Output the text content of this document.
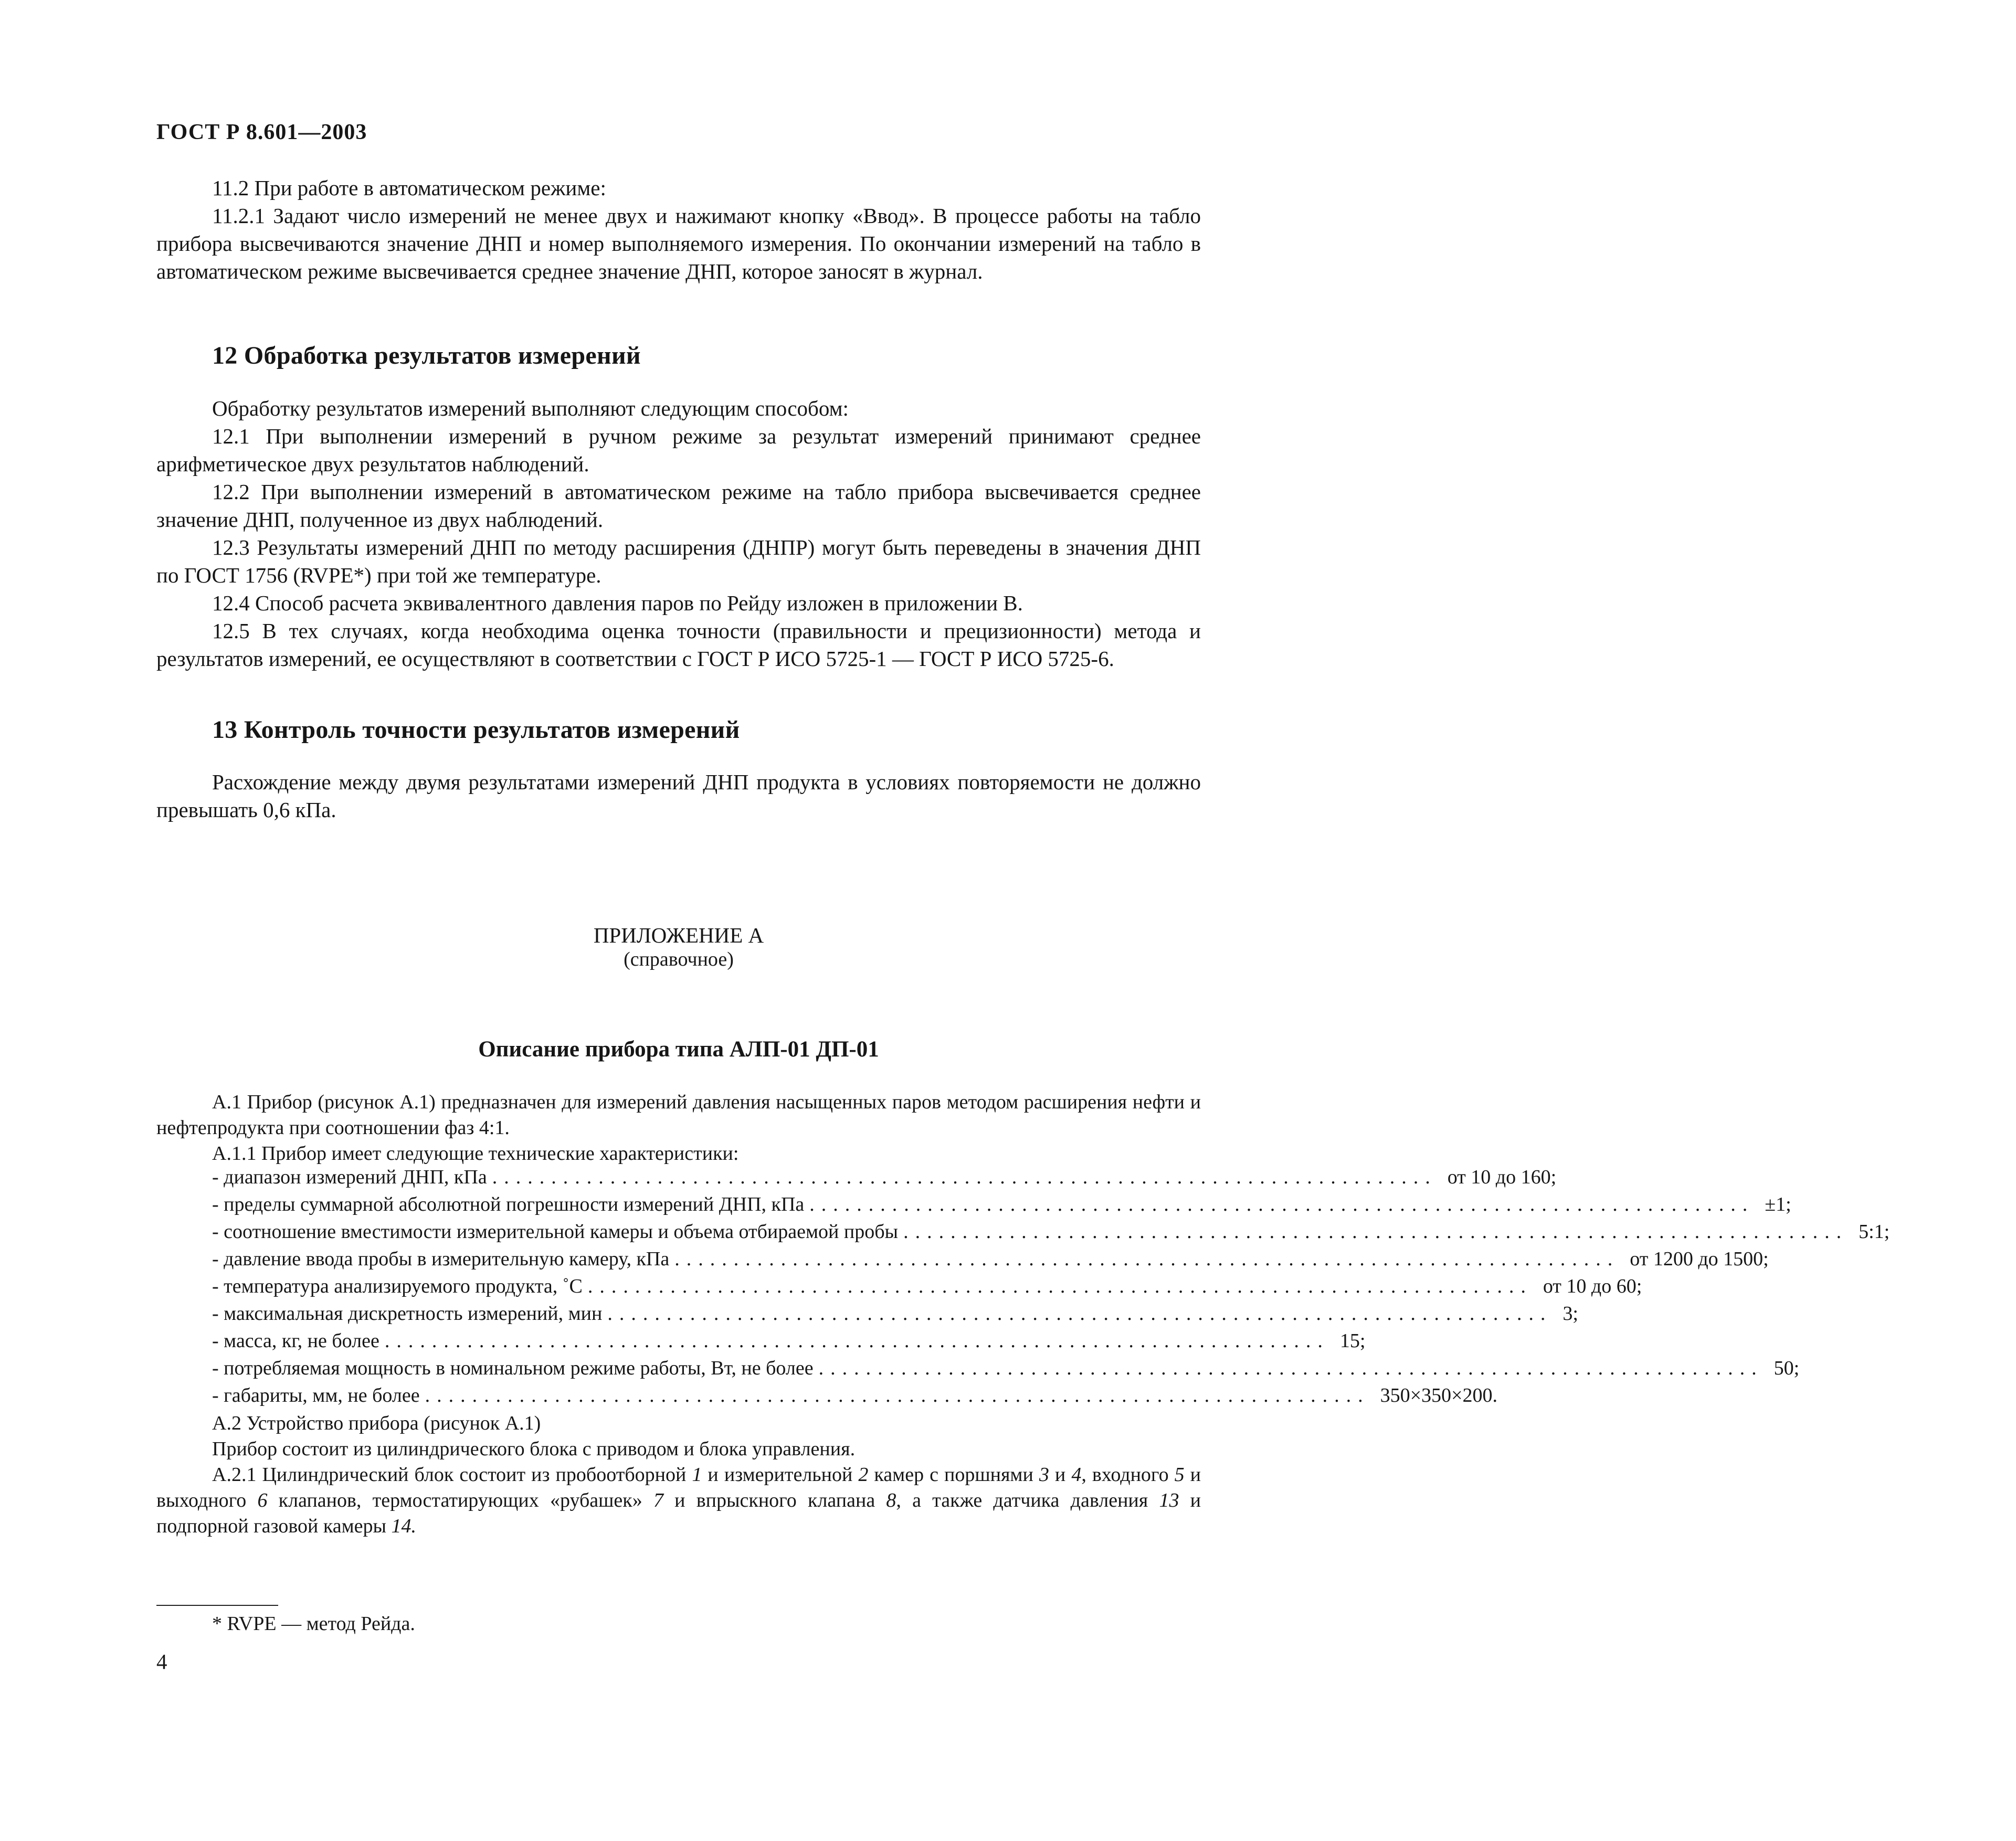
ГОСТ Р 8.601—2003

11.2 При работе в автоматическом режиме:

11.2.1 Задают число измерений не менее двух и нажимают кнопку «Ввод». В процессе работы на табло прибора высвечиваются значение ДНП и номер выполняемого измерения. По окончании измерений на табло в автоматическом режиме высвечивается среднее значение ДНП, которое заносят в журнал.

12 Обработка результатов измерений

Обработку результатов измерений выполняют следующим способом:

12.1 При выполнении измерений в ручном режиме за результат измерений принимают среднее арифметическое двух результатов наблюдений.

12.2 При выполнении измерений в автоматическом режиме на табло прибора высвечивается среднее значение ДНП, полученное из двух наблюдений.

12.3 Результаты измерений ДНП по методу расширения (ДНПР) могут быть переведены в значения ДНП по ГОСТ 1756 (RVPE*) при той же температуре.

12.4 Способ расчета эквивалентного давления паров по Рейду изложен в приложении В.

12.5 В тех случаях, когда необходима оценка точности (правильности и прецизионности) метода и результатов измерений, ее осуществляют в соответствии с ГОСТ Р ИСО 5725-1 — ГОСТ Р ИСО 5725-6.

13 Контроль точности результатов измерений

Расхождение между двумя результатами измерений ДНП продукта в условиях повторяемости не должно превышать 0,6 кПа.

ПРИЛОЖЕНИЕ А
(справочное)
Описание прибора типа АЛП-01 ДП-01

А.1 Прибор (рисунок А.1) предназначен для измерений давления насыщенных паров методом расширения нефти и нефтепродукта при соотношении фаз 4:1.

А.1.1 Прибор имеет следующие технические характеристики:

- диапазон измерений ДНП, кПа ................................................................................ от 10 до 160;
- пределы суммарной абсолютной погрешности измерений ДНП, кПа ................................................................................ ±1;
- соотношение вместимости измерительной камеры и объема отбираемой пробы ................................................................................ 5:1;
- давление ввода пробы в измерительную камеру, кПа ................................................................................ от 1200 до 1500;
- температура анализируемого продукта, ˚С ................................................................................ от 10 до 60;
- максимальная дискретность измерений, мин ................................................................................ 3;
- масса, кг, не более ................................................................................ 15;
- потребляемая мощность в номинальном режиме работы, Вт, не более ................................................................................ 50;
- габариты, мм, не более ................................................................................ 350×350×200.

А.2 Устройство прибора (рисунок А.1)

Прибор состоит из цилиндрического блока с приводом и блока управления.

А.2.1 Цилиндрический блок состоит из пробоотборной 1 и измерительной 2 камер с поршнями 3 и 4, входного 5 и выходного 6 клапанов, термостатирующих «рубашек» 7 и впрыскного клапана 8, а также датчика давления 13 и подпорной газовой камеры 14.

* RVPE — метод Рейда.
4
